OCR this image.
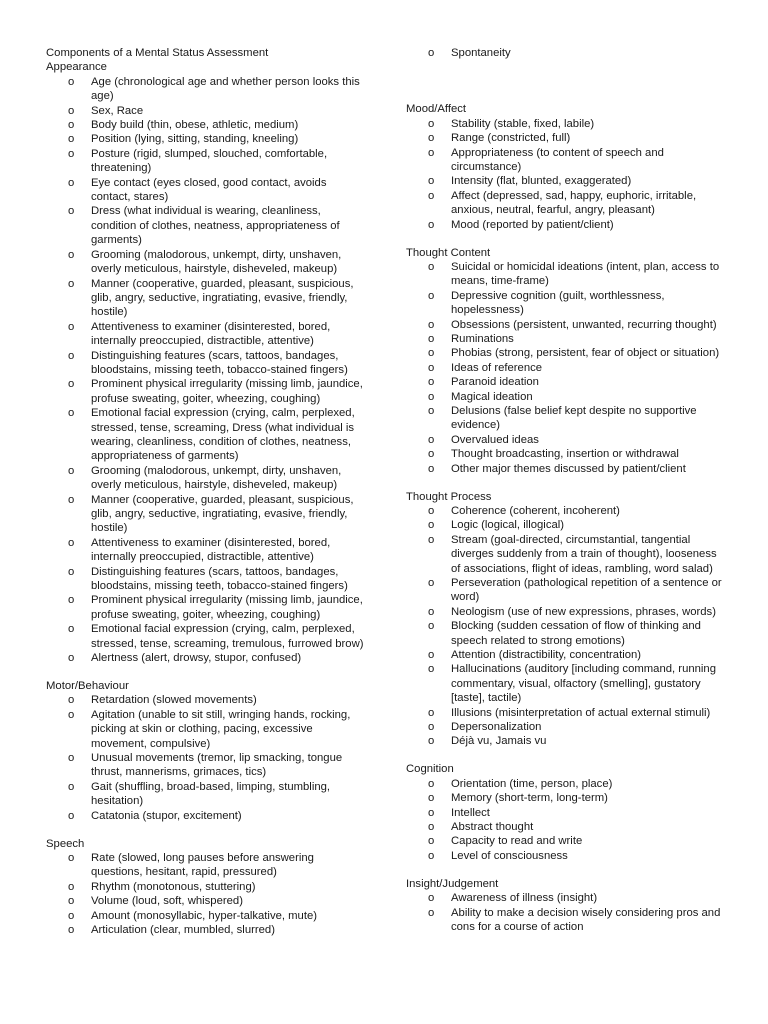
Components of a Mental Status Assessment
Appearance
o Age (chronological age and whether person looks this age)
o Sex, Race
o Body build (thin, obese, athletic, medium)
o Position (lying, sitting, standing, kneeling)
o Posture (rigid, slumped, slouched, comfortable, threatening)
o Eye contact (eyes closed, good contact, avoids contact, stares)
o Dress (what individual is wearing, cleanliness, condition of clothes, neatness, appropriateness of garments)
o Grooming (malodorous, unkempt, dirty, unshaven, overly meticulous, hairstyle, disheveled, makeup)
o Manner (cooperative, guarded, pleasant, suspicious, glib, angry, seductive, ingratiating, evasive, friendly, hostile)
o Attentiveness to examiner (disinterested, bored, internally preoccupied, distractible, attentive)
o Distinguishing features (scars, tattoos, bandages, bloodstains, missing teeth, tobacco-stained fingers)
o Prominent physical irregularity (missing limb, jaundice, profuse sweating, goiter, wheezing, coughing)
o Emotional facial expression (crying, calm, perplexed, stressed, tense, screaming, Dress (what individual is wearing, cleanliness, condition of clothes, neatness, appropriateness of garments)
o Grooming (malodorous, unkempt, dirty, unshaven, overly meticulous, hairstyle, disheveled, makeup)
o Manner (cooperative, guarded, pleasant, suspicious, glib, angry, seductive, ingratiating, evasive, friendly, hostile)
o Attentiveness to examiner (disinterested, bored, internally preoccupied, distractible, attentive)
o Distinguishing features (scars, tattoos, bandages, bloodstains, missing teeth, tobacco-stained fingers)
o Prominent physical irregularity (missing limb, jaundice, profuse sweating, goiter, wheezing, coughing)
o Emotional facial expression (crying, calm, perplexed, stressed, tense, screaming, tremulous, furrowed brow)
o Alertness (alert, drowsy, stupor, confused)
Motor/Behaviour
o Retardation (slowed movements)
o Agitation (unable to sit still, wringing hands, rocking, picking at skin or clothing, pacing, excessive movement, compulsive)
o Unusual movements (tremor, lip smacking, tongue thrust, mannerisms, grimaces, tics)
o Gait (shuffling, broad-based, limping, stumbling, hesitation)
o Catatonia (stupor, excitement)
Speech
o Rate (slowed, long pauses before answering questions, hesitant, rapid, pressured)
o Rhythm (monotonous, stuttering)
o Volume (loud, soft, whispered)
o Amount (monosyllabic, hyper-talkative, mute)
o Articulation (clear, mumbled, slurred)
o Spontaneity
Mood/Affect
o Stability (stable, fixed, labile)
o Range (constricted, full)
o Appropriateness (to content of speech and circumstance)
o Intensity (flat, blunted, exaggerated)
o Affect (depressed, sad, happy, euphoric, irritable, anxious, neutral, fearful, angry, pleasant)
o Mood (reported by patient/client)
Thought Content
o Suicidal or homicidal ideations (intent, plan, access to means, time-frame)
o Depressive cognition (guilt, worthlessness, hopelessness)
o Obsessions (persistent, unwanted, recurring thought)
o Ruminations
o Phobias (strong, persistent, fear of object or situation)
o Ideas of reference
o Paranoid ideation
o Magical ideation
o Delusions (false belief kept despite no supportive evidence)
o Overvalued ideas
o Thought broadcasting, insertion or withdrawal
o Other major themes discussed by patient/client
Thought Process
o Coherence (coherent, incoherent)
o Logic (logical, illogical)
o Stream (goal-directed, circumstantial, tangential diverges suddenly from a train of thought), looseness of associations, flight of ideas, rambling, word salad)
o Perseveration (pathological repetition of a sentence or word)
o Neologism (use of new expressions, phrases, words)
o Blocking (sudden cessation of flow of thinking and speech related to strong emotions)
o Attention (distractibility, concentration)
o Hallucinations (auditory [including command, running commentary, visual, olfactory (smelling], gustatory [taste], tactile)
o Illusions (misinterpretation of actual external stimuli)
o Depersonalization
o Déjà vu, Jamais vu
Cognition
o Orientation (time, person, place)
o Memory (short-term, long-term)
o Intellect
o Abstract thought
o Capacity to read and write
o Level of consciousness
Insight/Judgement
o Awareness of illness (insight)
o Ability to make a decision wisely considering pros and cons for a course of action
